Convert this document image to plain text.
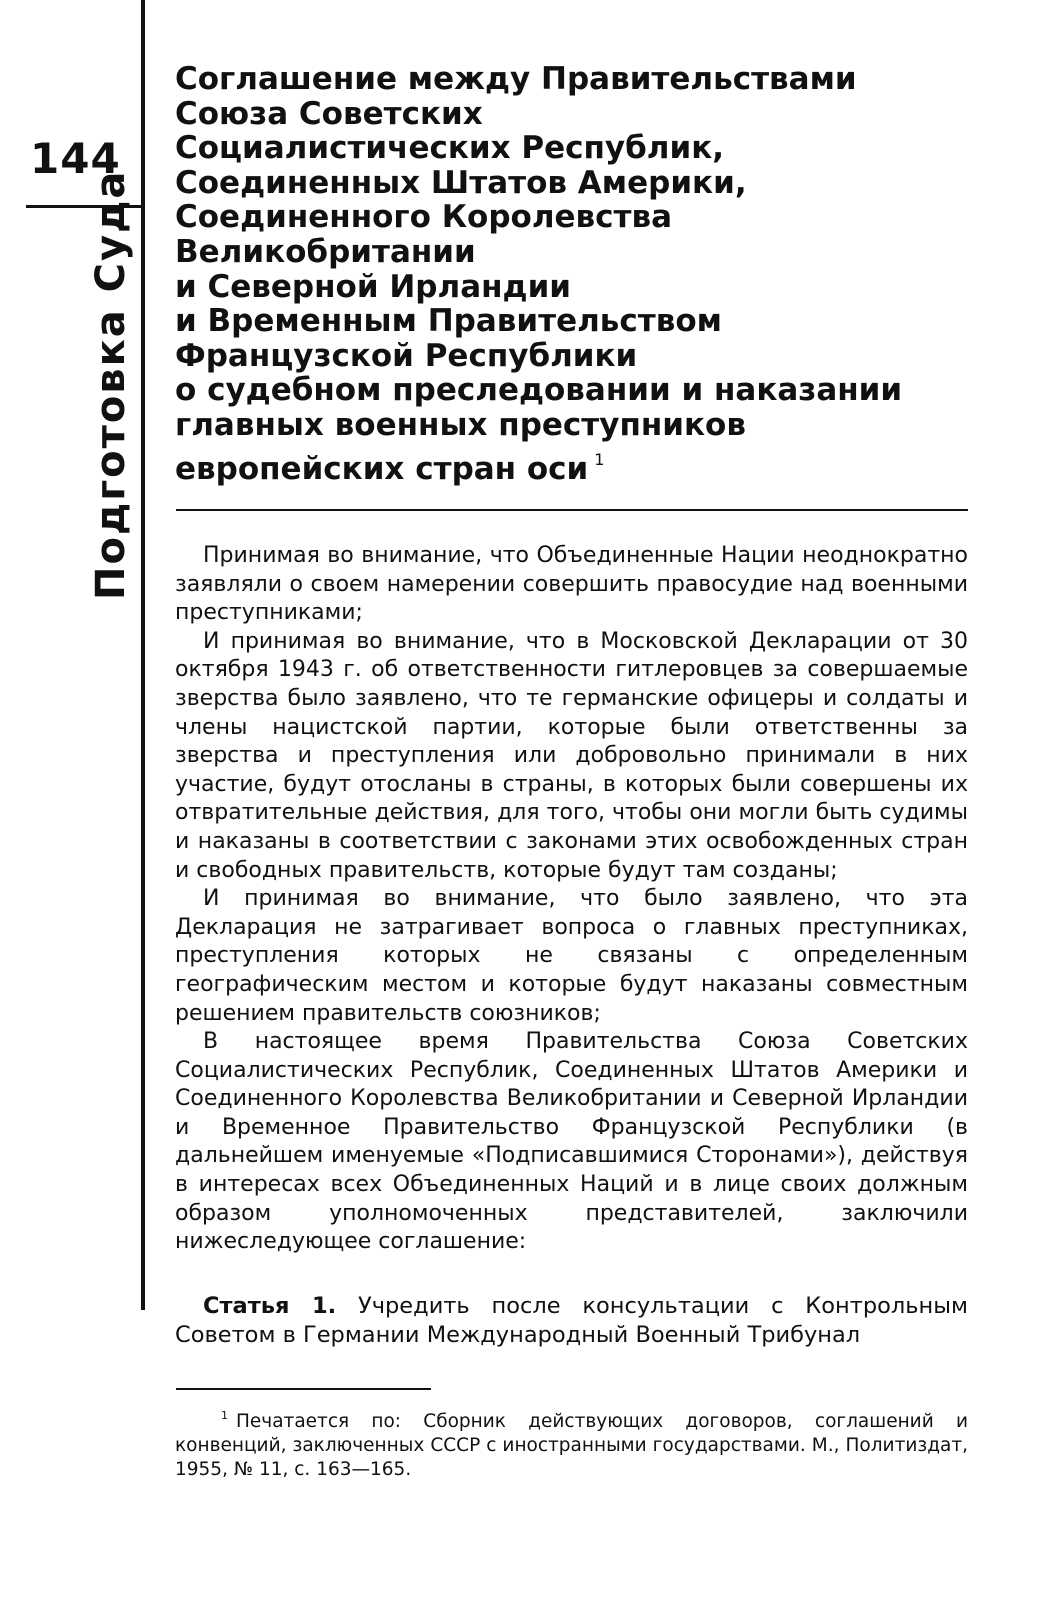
144
Подготовка Суда
Соглашение между Правительствами
Союза Советских
Социалистических Республик,
Соединенных Штатов Америки,
Соединенного Королевства
Великобритании
и Северной Ирландии
и Временным Правительством
Французской Республики
о судебном преследовании и наказании
главных военных преступников
европейских стран оси $^1$

Принимая во внимание, что Объединенные Нации неоднократно заявляли о своем намерении совершить правосудие над военными преступниками;

И принимая во внимание, что в Московской Декларации от 30 октября 1943 г. об ответственности гитлеровцев за совершаемые зверства было заявлено, что те германские офицеры и солдаты и члены нацистской партии, которые были ответственны за зверства и преступления или добровольно принимали в них участие, будут отосланы в страны, в которых были совершены их отвратительные действия, для того, чтобы они могли быть судимы и наказаны в соответствии с законами этих освобожденных стран и свободных правительств, которые будут там созданы;

И принимая во внимание, что было заявлено, что эта Декларация не затрагивает вопроса о главных преступниках, преступления которых не связаны с определенным географическим местом и которые будут наказаны совместным решением правительств союзников;

В настоящее время Правительства Союза Советских Социалистических Республик, Соединенных Штатов Америки и Соединенного Королевства Великобритании и Северной Ирландии и Временное Правительство Французской Республики (в дальнейшем именуемые «Подписавшимися Сторонами»), действуя в интересах всех Объединенных Наций и в лице своих должным образом уполномоченных представителей, заключили нижеследующее соглашение:

Статья 1. Учредить после консультации с Контрольным Советом в Германии Международный Военный Трибунал

$^1$ Печатается по: Сборник действующих договоров, соглашений и конвенций, заключенных СССР с иностранными государствами. М., Политиздат, 1955, № 11, с. 163—165.
